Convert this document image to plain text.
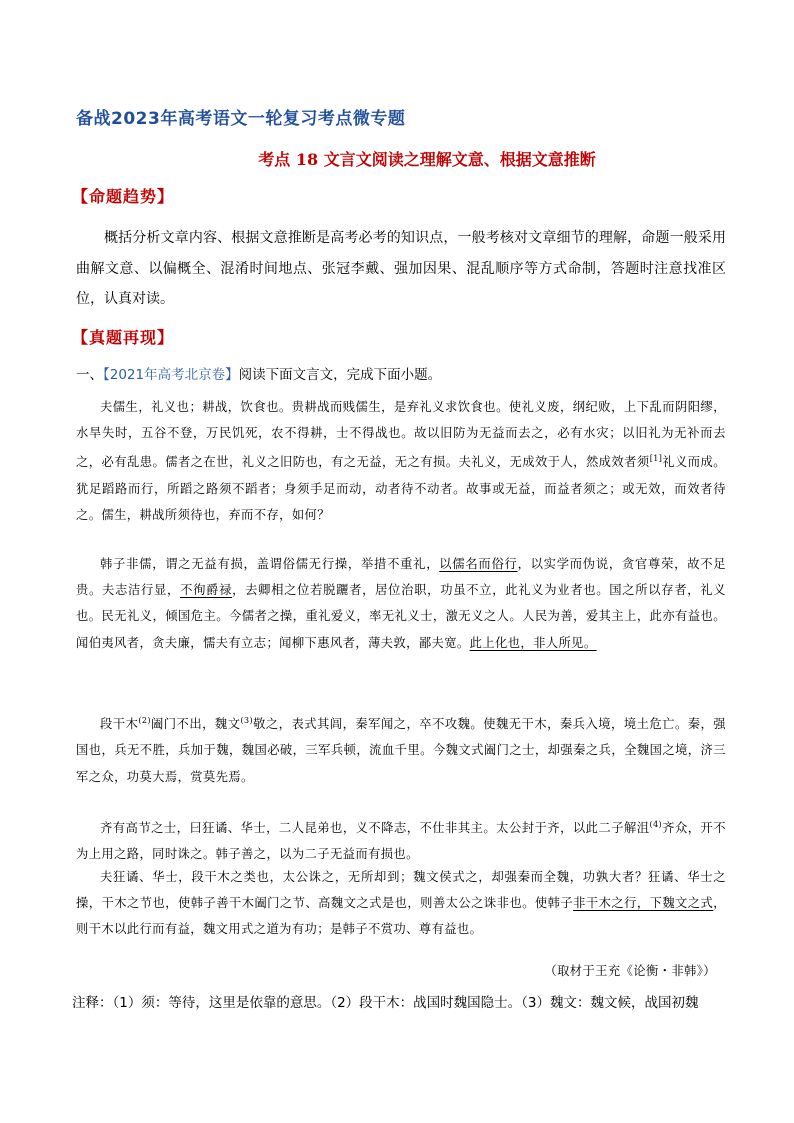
备战2023年高考语文一轮复习考点微专题
考点 18 文言文阅读之理解文意、根据文意推断
【命题趋势】

概括分析文章内容、根据文意推断是高考必考的知识点，一般考核对文章细节的理解，命题一般采用曲解文意、以偏概全、混淆时间地点、张冠李戴、强加因果、混乱顺序等方式命制，答题时注意找准区位，认真对读。

【真题再现】
一、【2021年高考北京卷】阅读下面文言文，完成下面小题。

夫儒生，礼义也；耕战，饮食也。贵耕战而贱儒生，是弃礼义求饮食也。使礼义废，纲纪败，上下乱而阴阳缪，水旱失时，五谷不登，万民饥死，农不得耕，士不得战也。故以旧防为无益而去之，必有水灾；以旧礼为无补而去之，必有乱患。儒者之在世，礼义之旧防也，有之无益，无之有损。夫礼义，无成效于人，然成效者须[1]礼义而成。犹足蹈路而行，所蹈之路须不蹈者；身须手足而动，动者待不动者。故事或无益，而益者须之；或无效，而效者待之。儒生，耕战所须待也，弃而不存，如何？

韩子非儒，谓之无益有损，盖谓俗儒无行操，举措不重礼，以儒名而俗行，以实学而伪说，贪官尊荣，故不足贵。夫志洁行显，不徇爵禄，去卿相之位若脱躧者，居位治职，功虽不立，此礼义为业者也。国之所以存者，礼义也。民无礼义，倾国危主。今儒者之操，重礼爱义，率无礼义士，激无义之人。人民为善，爱其主上，此亦有益也。闻伯夷风者，贪夫廉，懦夫有立志；闻柳下惠风者，薄夫敦，鄙夫宽。此上化也，非人所见。

段干木$^{(2)}$阖门不出，魏文$^{(3)}$敬之，表式其闾，秦军闻之，卒不攻魏。使魏无干木，秦兵入境，境土危亡。秦，强国也，兵无不胜，兵加于魏，魏国必破，三军兵顿，流血千里。今魏文式阖门之士，却强秦之兵，全魏国之境，济三军之众，功莫大焉，赏莫先焉。

齐有高节之士，曰狂谲、华士，二人昆弟也，义不降志，不仕非其主。太公封于齐，以此二子解沮$^{(4)}$齐众，开不为上用之路，同时诛之。韩子善之，以为二子无益而有损也。

夫狂谲、华士，段干木之类也，太公诛之，无所却到；魏文侯式之，却强秦而全魏，功孰大者？狂谲、华士之操，干木之节也，使韩子善干木阖门之节、高魏文之式是也，则善太公之诛非也。使韩子非干木之行，下魏文之式，则干木以此行而有益，魏文用式之道为有功；是韩子不赏功、尊有益也。

（取材于王充《论衡・非韩》）
注释：（1）须：等待，这里是依靠的意思。（2）段干木：战国时魏国隐士。（3）魏文：魏文候，战国初魏
